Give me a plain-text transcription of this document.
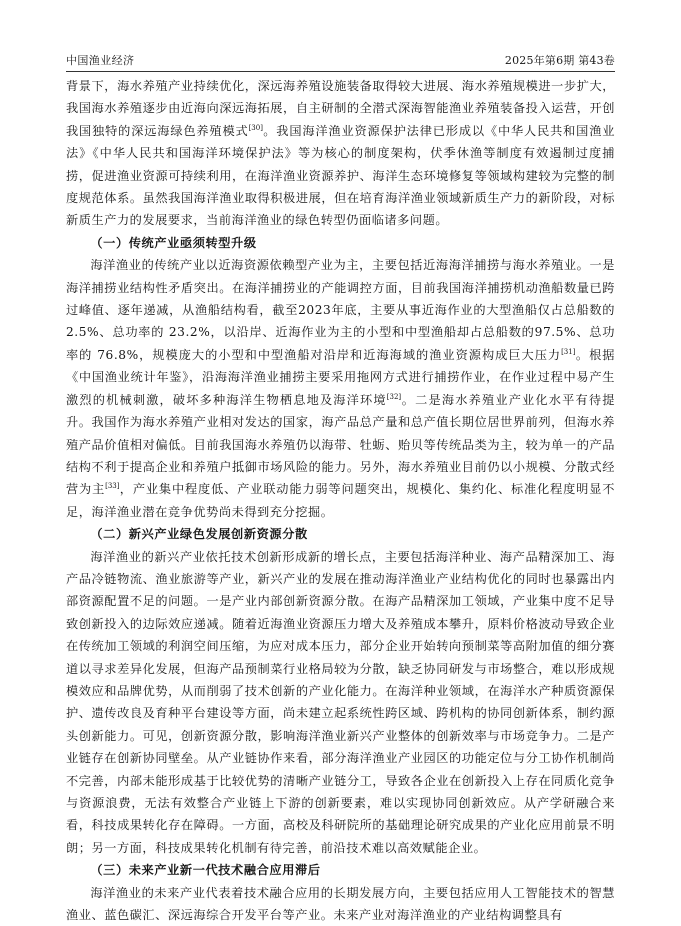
中国渔业经济	2025年第6期 第43卷

背景下，海水养殖产业持续优化，深远海养殖设施装备取得较大进展、海水养殖规模进一步扩大，我国海水养殖逐步由近海向深远海拓展，自主研制的全潜式深海智能渔业养殖装备投入运营，开创我国独特的深远海绿色养殖模式[30]。我国海洋渔业资源保护法律已形成以《中华人民共和国渔业法》《中华人民共和国海洋环境保护法》等为核心的制度架构，伏季休渔等制度有效遏制过度捕捞，促进渔业资源可持续利用，在海洋渔业资源养护、海洋生态环境修复等领域构建较为完整的制度规范体系。虽然我国海洋渔业取得积极进展，但在培育海洋渔业领域新质生产力的新阶段，对标新质生产力的发展要求，当前海洋渔业的绿色转型仍面临诸多问题。

（一）传统产业亟须转型升级

海洋渔业的传统产业以近海资源依赖型产业为主，主要包括近海海洋捕捞与海水养殖业。一是海洋捕捞业结构性矛盾突出。在海洋捕捞业的产能调控方面，目前我国海洋捕捞机动渔船数量已跨过峰值、逐年递减，从渔船结构看，截至2023年底，主要从事近海作业的大型渔船仅占总船数的 2.5%、总功率的 23.2%，以沿岸、近海作业为主的小型和中型渔船却占总船数的97.5%、总功率的 76.8%，规模庞大的小型和中型渔船对沿岸和近海海域的渔业资源构成巨大压力[31]。根据《中国渔业统计年鉴》，沿海海洋渔业捕捞主要采用拖网方式进行捕捞作业，在作业过程中易产生激烈的机械刺激，破坏多种海洋生物栖息地及海洋环境[32]。二是海水养殖业产业化水平有待提升。我国作为海水养殖产业相对发达的国家，海产品总产量和总产值长期位居世界前列，但海水养殖产品价值相对偏低。目前我国海水养殖仍以海带、牡蛎、贻贝等传统品类为主，较为单一的产品结构不利于提高企业和养殖户抵御市场风险的能力。另外，海水养殖业目前仍以小规模、分散式经营为主[33]，产业集中程度低、产业联动能力弱等问题突出，规模化、集约化、标准化程度明显不足，海洋渔业潜在竞争优势尚未得到充分挖掘。

（二）新兴产业绿色发展创新资源分散

海洋渔业的新兴产业依托技术创新形成新的增长点，主要包括海洋种业、海产品精深加工、海产品冷链物流、渔业旅游等产业，新兴产业的发展在推动海洋渔业产业结构优化的同时也暴露出内部资源配置不足的问题。一是产业内部创新资源分散。在海产品精深加工领域，产业集中度不足导致创新投入的边际效应递减。随着近海渔业资源压力增大及养殖成本攀升，原料价格波动导致企业在传统加工领域的利润空间压缩，为应对成本压力，部分企业开始转向预制菜等高附加值的细分赛道以寻求差异化发展，但海产品预制菜行业格局较为分散，缺乏协同研发与市场整合，难以形成规模效应和品牌优势，从而削弱了技术创新的产业化能力。在海洋种业领域，在海洋水产种质资源保护、遗传改良及育种平台建设等方面，尚未建立起系统性跨区域、跨机构的协同创新体系，制约源头创新能力。可见，创新资源分散，影响海洋渔业新兴产业整体的创新效率与市场竞争力。二是产业链存在创新协同壁垒。从产业链协作来看，部分海洋渔业产业园区的功能定位与分工协作机制尚不完善，内部未能形成基于比较优势的清晰产业链分工，导致各企业在创新投入上存在同质化竞争与资源浪费，无法有效整合产业链上下游的创新要素，难以实现协同创新效应。从产学研融合来看，科技成果转化存在障碍。一方面，高校及科研院所的基础理论研究成果的产业化应用前景不明朗；另一方面，科技成果转化机制有待完善，前沿技术难以高效赋能企业。

（三）未来产业新一代技术融合应用滞后

海洋渔业的未来产业代表着技术融合应用的长期发展方向，主要包括应用人工智能技术的智慧渔业、蓝色碳汇、深远海综合开发平台等产业。未来产业对海洋渔业的产业结构调整具有
